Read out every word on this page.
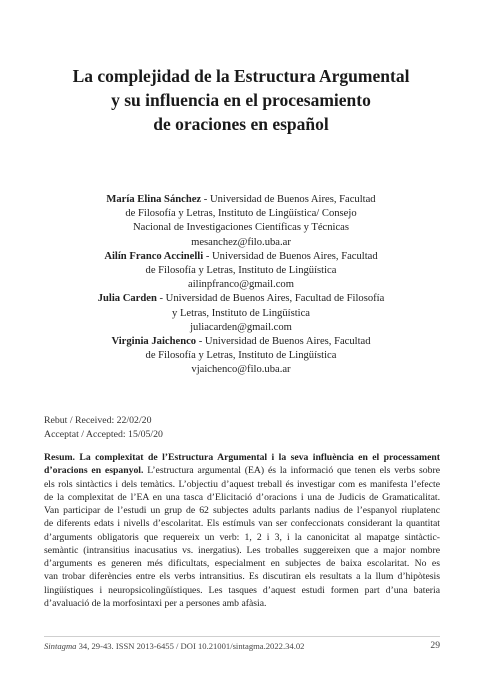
La complejidad de la Estructura Argumental
y su influencia en el procesamiento
de oraciones en español
María Elina Sánchez - Universidad de Buenos Aires, Facultad
de Filosofía y Letras, Instituto de Lingüística/ Consejo
Nacional de Investigaciones Científicas y Técnicas
mesanchez@filo.uba.ar
Ailín Franco Accinelli - Universidad de Buenos Aires, Facultad
de Filosofía y Letras, Instituto de Lingüística
ailinpfranco@gmail.com
Julia Carden - Universidad de Buenos Aires, Facultad de Filosofía
y Letras, Instituto de Lingüística
juliacarden@gmail.com
Virginia Jaichenco - Universidad de Buenos Aires, Facultad
de Filosofía y Letras, Instituto de Lingüística
vjaichenco@filo.uba.ar
Rebut / Received: 22/02/20
Acceptat / Accepted: 15/05/20
Resum. La complexitat de l’Estructura Argumental i la seva influència en el processament
d’oracions en espanyol. L’estructura argumental (EA) és la informació que tenen els verbs sobre
els rols sintàctics i dels temàtics. L’objectiu d’aquest treball és investigar com es manifesta l’efecte
de la complexitat de l’EA en una tasca d’Elicitació d’oracions i una de Judicis de Gramaticalitat.
Van participar de l’estudi un grup de 62 subjectes adults parlants nadius de l’espanyol riuplatenc
de diferents edats i nivells d’escolaritat. Els estímuls van ser confeccionats considerant la quantitat
d’arguments obligatoris que requereix un verb: 1, 2 i 3, i la canonicitat al mapatge sintàctic-
semàntic (intransitius inacusatius vs. inergatius). Les troballes suggereixen que a major nombre
d’arguments es generen més dificultats, especialment en subjectes de baixa escolaritat. No es
van trobar diferències entre els verbs intransitius. Es discutiran els resultats a la llum d’hipòtesis
lingüístiques i neuropsicolingüístiques. Les tasques d’aquest estudi formen part d’una bateria
d’avaluació de la morfosintaxi per a persones amb afàsia.
Sintagma 34, 29-43. ISSN 2013-6455 / DOI 10.21001/sintagma.2022.34.02	29
